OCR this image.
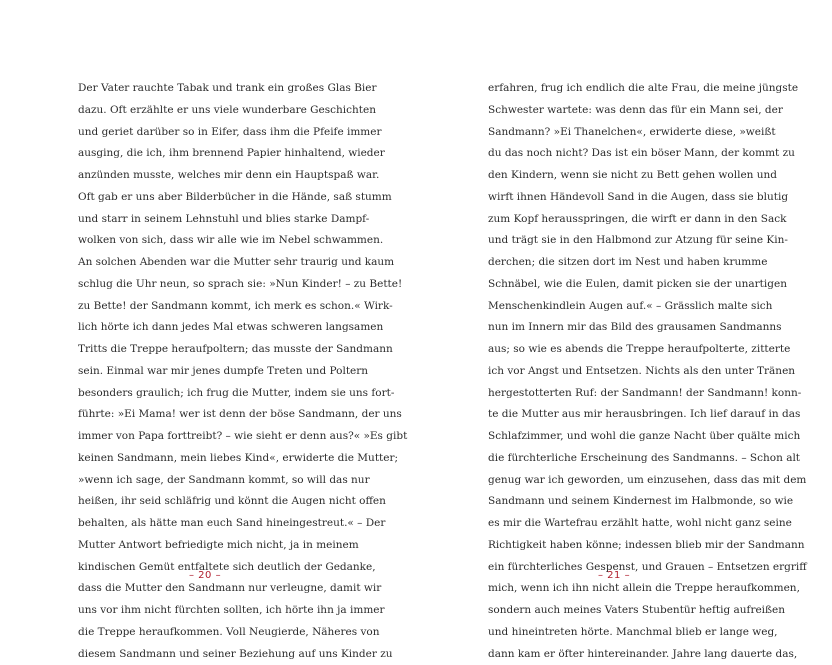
Der Vater rauchte Tabak und trank ein großes Glas Bier
dazu. Oft erzählte er uns viele wunderbare Geschichten
und geriet darüber so in Eifer, dass ihm die Pfeife immer
ausging, die ich, ihm brennend Papier hinhaltend, wieder
anzünden musste, welches mir denn ein Hauptspaß war.
Oft gab er uns aber Bilderbücher in die Hände, saß stumm
und starr in seinem Lehnstuhl und blies starke Dampf-
wolken von sich, dass wir alle wie im Nebel schwammen.
An solchen Abenden war die Mutter sehr traurig und kaum
schlug die Uhr neun, so sprach sie: »Nun Kinder! – zu Bette!
zu Bette! der Sandmann kommt, ich merk es schon.« Wirk-
lich hörte ich dann jedes Mal etwas schweren langsamen
Tritts die Treppe heraufpoltern; das musste der Sandmann
sein. Einmal war mir jenes dumpfe Treten und Poltern
besonders graulich; ich frug die Mutter, indem sie uns fort-
führte: »Ei Mama! wer ist denn der böse Sandmann, der uns
immer von Papa forttreibt? – wie sieht er denn aus?« »Es gibt
keinen Sandmann, mein liebes Kind«, erwiderte die Mutter;
»wenn ich sage, der Sandmann kommt, so will das nur
heißen, ihr seid schläfrig und könnt die Augen nicht offen
behalten, als hätte man euch Sand hineingestreut.« – Der
Mutter Antwort befriedigte mich nicht, ja in meinem
kindischen Gemüt entfaltete sich deutlich der Gedanke,
dass die Mutter den Sandmann nur verleugne, damit wir
uns vor ihm nicht fürchten sollten, ich hörte ihn ja immer
die Treppe heraufkommen. Voll Neugierde, Näheres von
diesem Sandmann und seiner Beziehung auf uns Kinder zu
erfahren, frug ich endlich die alte Frau, die meine jüngste
Schwester wartete: was denn das für ein Mann sei, der
Sandmann? »Ei Thanelchen«, erwiderte diese, »weißt
du das noch nicht? Das ist ein böser Mann, der kommt zu
den Kindern, wenn sie nicht zu Bett gehen wollen und
wirft ihnen Händevoll Sand in die Augen, dass sie blutig
zum Kopf herausspringen, die wirft er dann in den Sack
und trägt sie in den Halbmond zur Atzung für seine Kin-
derchen; die sitzen dort im Nest und haben krumme
Schnäbel, wie die Eulen, damit picken sie der unartigen
Menschenkindlein Augen auf.« – Grässlich malte sich
nun im Innern mir das Bild des grausamen Sandmanns
aus; so wie es abends die Treppe heraufpolterte, zitterte
ich vor Angst und Entsetzen. Nichts als den unter Tränen
hergestotterten Ruf: der Sandmann! der Sandmann! konn-
te die Mutter aus mir herausbringen. Ich lief darauf in das
Schlafzimmer, und wohl die ganze Nacht über quälte mich
die fürchterliche Erscheinung des Sandmanns. – Schon alt
genug war ich geworden, um einzusehen, dass das mit dem
Sandmann und seinem Kindernest im Halbmonde, so wie
es mir die Wartefrau erzählt hatte, wohl nicht ganz seine
Richtigkeit haben könne; indessen blieb mir der Sandmann
ein fürchterliches Gespenst, und Grauen – Entsetzen ergriff
mich, wenn ich ihn nicht allein die Treppe heraufkommen,
sondern auch meines Vaters Stubentür heftig aufreißen
und hineintreten hörte. Manchmal blieb er lange weg,
dann kam er öfter hintereinander. Jahre lang dauerte das,
– 20 –	– 21 –
